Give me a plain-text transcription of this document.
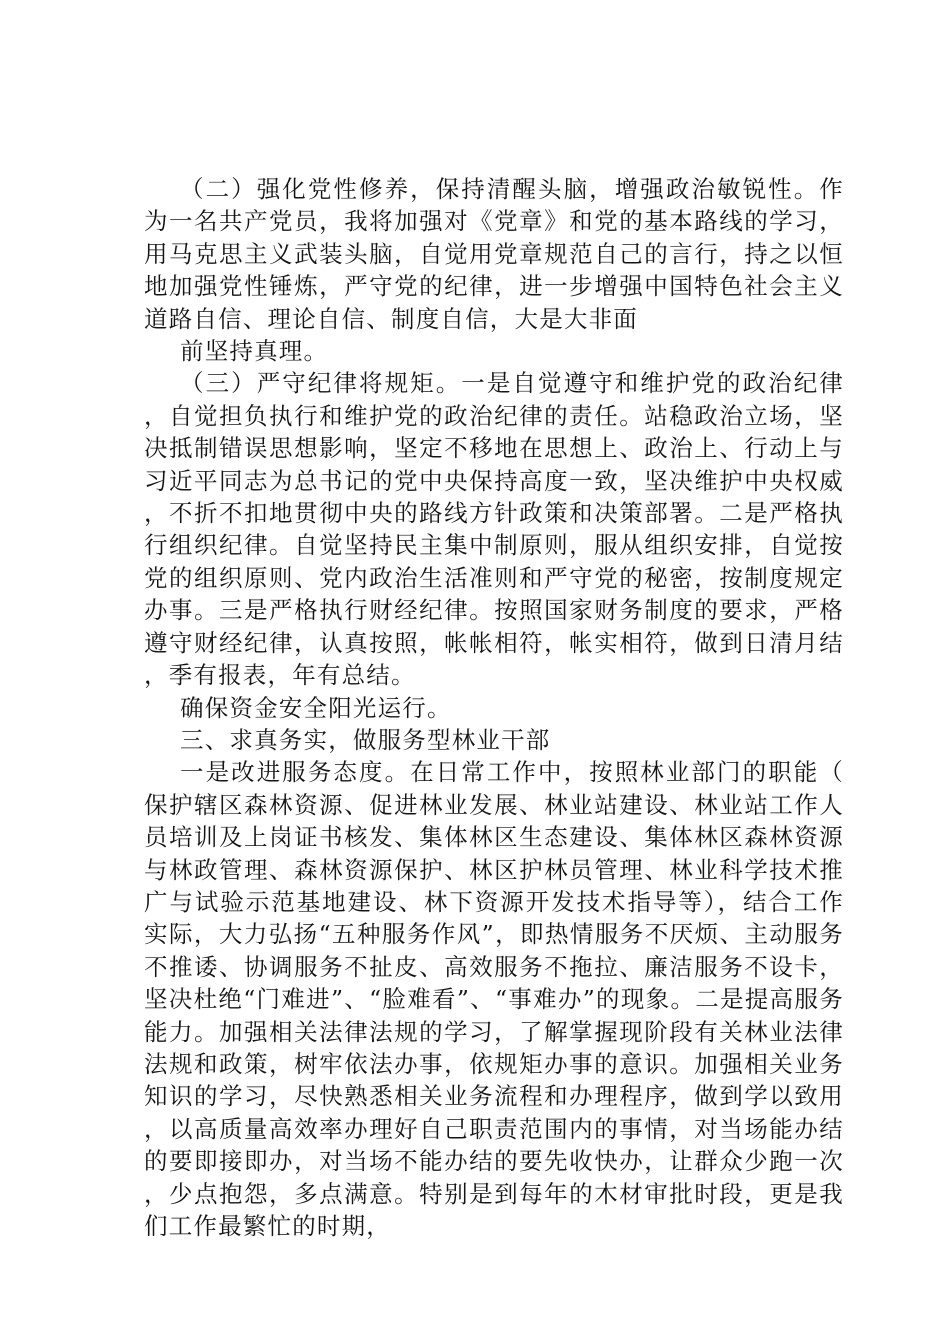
（二）强化党性修养，保持清醒头脑，增强政治敏锐性。作为一名共产党员，我将加强对《党章》和党的基本路线的学习，用马克思主义武装头脑，自觉用党章规范自己的言行，持之以恒地加强党性锤炼，严守党的纪律，进一步增强中国特色社会主义道路自信、理论自信、制度自信，大是大非面

前坚持真理。

（三）严守纪律将规矩。一是自觉遵守和维护党的政治纪律，自觉担负执行和维护党的政治纪律的责任。站稳政治立场，坚决抵制错误思想影响，坚定不移地在思想上、政治上、行动上与习近平同志为总书记的党中央保持高度一致，坚决维护中央权威，不折不扣地贯彻中央的路线方针政策和决策部署。二是严格执行组织纪律。自觉坚持民主集中制原则，服从组织安排，自觉按党的组织原则、党内政治生活准则和严守党的秘密，按制度规定办事。三是严格执行财经纪律。按照国家财务制度的要求，严格遵守财经纪律，认真按照，帐帐相符，帐实相符，做到日清月结，季有报表，年有总结。

确保资金安全阳光运行。

三、求真务实，做服务型林业干部

一是改进服务态度。在日常工作中，按照林业部门的职能（保护辖区森林资源、促进林业发展、林业站建设、林业站工作人员培训及上岗证书核发、集体林区生态建设、集体林区森林资源与林政管理、森林资源保护、林区护林员管理、林业科学技术推广与试验示范基地建设、林下资源开发技术指导等），结合工作实际，大力弘扬“五种服务作风”，即热情服务不厌烦、主动服务不推诿、协调服务不扯皮、高效服务不拖拉、廉洁服务不设卡，坚决杜绝“门难进”、“脸难看”、“事难办”的现象。二是提高服务能力。加强相关法律法规的学习，了解掌握现阶段有关林业法律法规和政策，树牢依法办事，依规矩办事的意识。加强相关业务知识的学习，尽快熟悉相关业务流程和办理程序，做到学以致用，以高质量高效率办理好自己职责范围内的事情，对当场能办结的要即接即办，对当场不能办结的要先收快办，让群众少跑一次，少点抱怨，多点满意。特别是到每年的木材审批时段，更是我们工作最繁忙的时期，
